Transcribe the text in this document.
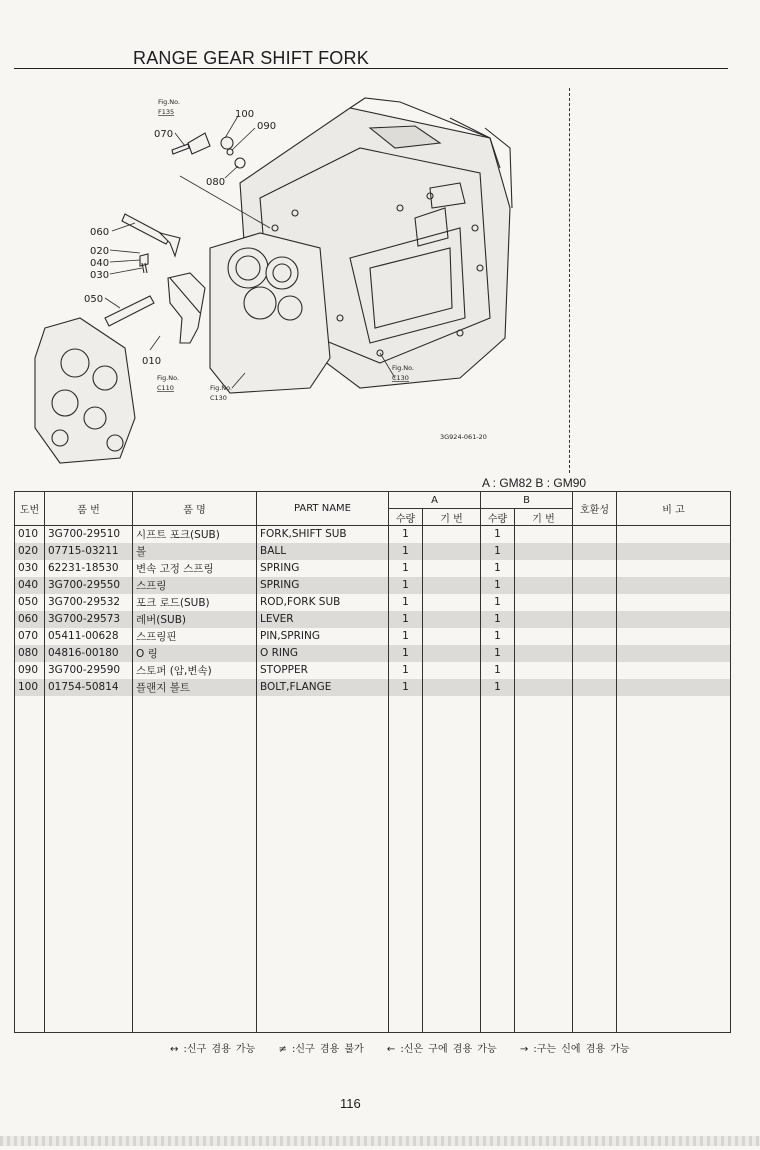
RANGE GEAR SHIFT FORK
100
090
070
080
060
020
040
030
050
010
Fig.No.
F135
Fig.No.
C110	Fig.No.
C130
Fig.No.
C130
3G924-061-20
A : GM82 B : GM90
도번	품 번	품 명	PART NAME	A		B		호환성	비 고
				수량	기 번	수량	기 번		
010	3G700-29510	시프트 포크(SUB)	FORK,SHIFT SUB	1		1			
020	07715-03211	볼	BALL	1		1			
030	62231-18530	변속 고정 스프링	SPRING	1		1			
040	3G700-29550	스프링	SPRING	1		1			
050	3G700-29532	포크 로드(SUB)	ROD,FORK SUB	1		1			
060	3G700-29573	레버(SUB)	LEVER	1		1			
070	05411-00628	스프링핀	PIN,SPRING	1		1			
080	04816-00180	O 링	O RING	1		1			
090	3G700-29590	스토퍼 (암,변속)	STOPPER	1		1			
100	01754-50814	플랜지 볼트	BOLT,FLANGE	1		1			

↔ :신구 겸용 가능 ≠ :신구 겸용 불가 ← :신은 구에 겸용 가능 → :구는 신에 겸용 가능
116
